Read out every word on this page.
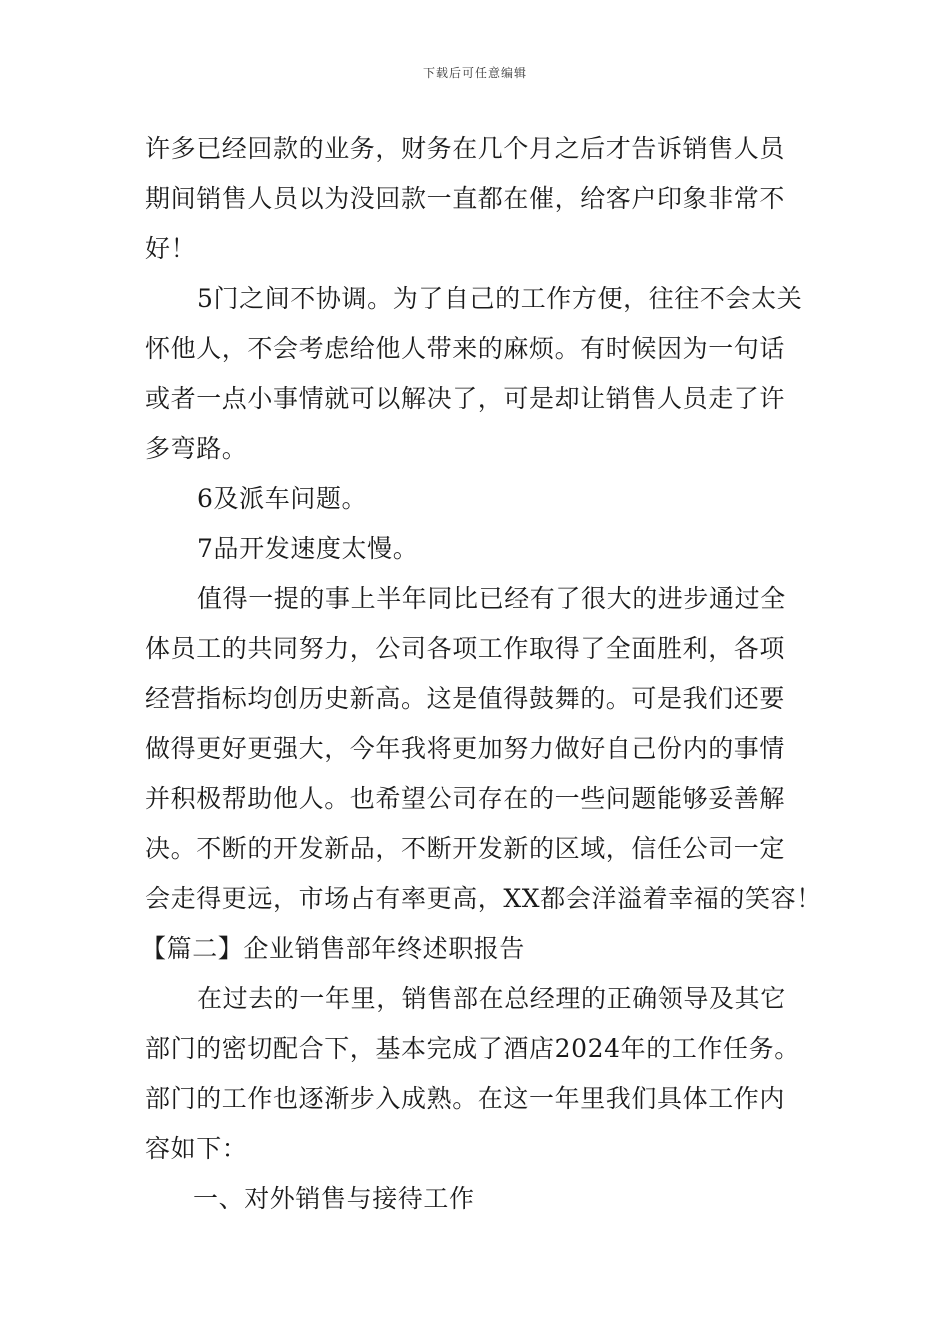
下载后可任意编辑
许多已经回款的业务，财务在几个月之后才告诉销售人员
期间销售人员以为没回款一直都在催，给客户印象非常不
好！
5门之间不协调。为了自己的工作方便，往往不会太关
怀他人，不会考虑给他人带来的麻烦。有时候因为一句话
或者一点小事情就可以解决了，可是却让销售人员走了许
多弯路。
6及派车问题。
7品开发速度太慢。
值得一提的事上半年同比已经有了很大的进步通过全
体员工的共同努力，公司各项工作取得了全面胜利，各项
经营指标均创历史新高。这是值得鼓舞的。可是我们还要
做得更好更强大，今年我将更加努力做好自己份内的事情
并积极帮助他人。也希望公司存在的一些问题能够妥善解
决。不断的开发新品，不断开发新的区域，信任公司一定
会走得更远，市场占有率更高，XX都会洋溢着幸福的笑容！
【篇二】企业销售部年终述职报告
在过去的一年里，销售部在总经理的正确领导及其它
部门的密切配合下，基本完成了酒店2024年的工作任务。
部门的工作也逐渐步入成熟。在这一年里我们具体工作内
容如下：
一、对外销售与接待工作
